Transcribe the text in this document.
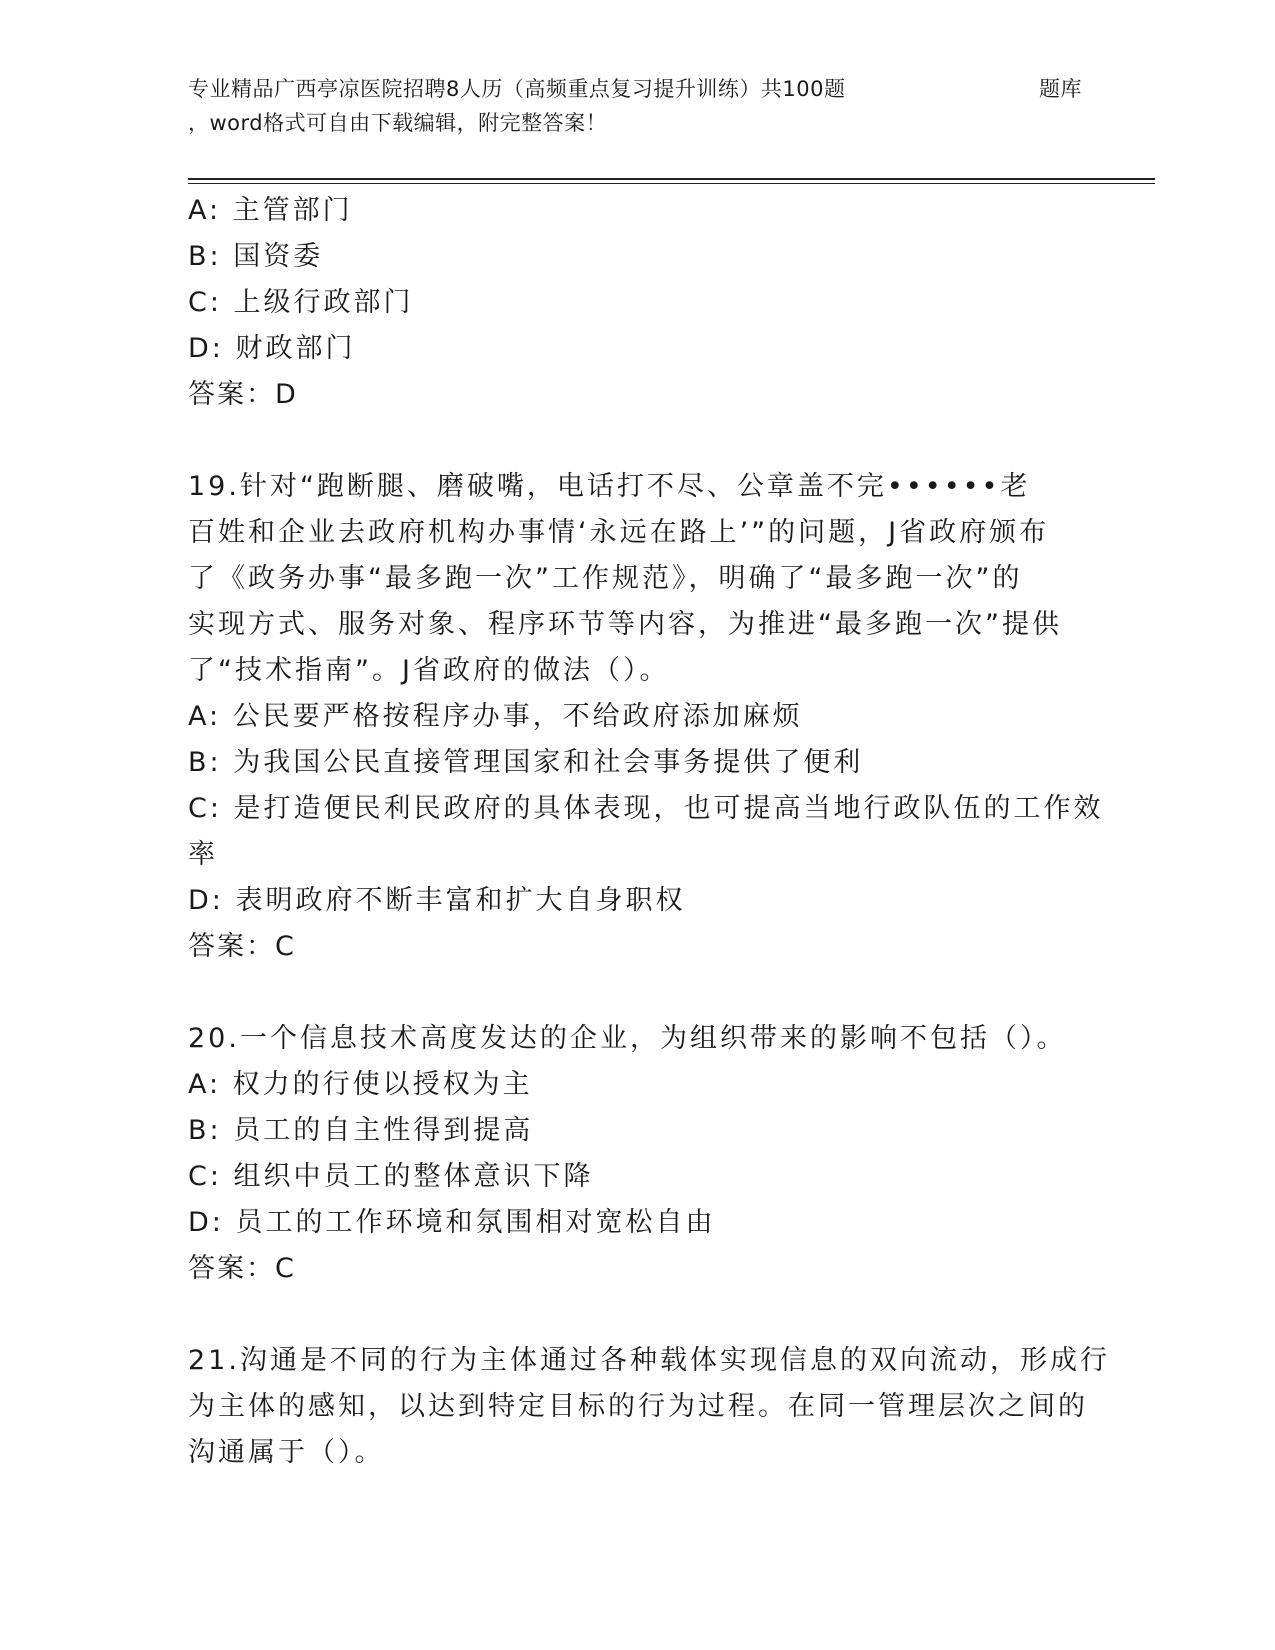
专业精品广西亭凉医院招聘8人历（高频重点复习提升训练）共100题
，word格式可自由下载编辑，附完整答案！
题库
A: 主管部门
B: 国资委
C: 上级行政部门
D: 财政部门
答案：D
19.针对“跑断腿、磨破嘴，电话打不尽、公章盖不完••••••老
百姓和企业去政府机构办事情‘永远在路上’”的问题，J省政府颁布
了《政务办事“最多跑一次”工作规范》，明确了“最多跑一次”的
实现方式、服务对象、程序环节等内容，为推进“最多跑一次”提供
了“技术指南”。J省政府的做法（）。
A: 公民要严格按程序办事，不给政府添加麻烦
B: 为我国公民直接管理国家和社会事务提供了便利
C: 是打造便民利民政府的具体表现，也可提高当地行政队伍的工作效
率
D: 表明政府不断丰富和扩大自身职权
答案：C
20.一个信息技术高度发达的企业，为组织带来的影响不包括（）。
A: 权力的行使以授权为主
B: 员工的自主性得到提高
C: 组织中员工的整体意识下降
D: 员工的工作环境和氛围相对宽松自由
答案：C
21.沟通是不同的行为主体通过各种载体实现信息的双向流动，形成行
为主体的感知，以达到特定目标的行为过程。在同一管理层次之间的
沟通属于（）。
